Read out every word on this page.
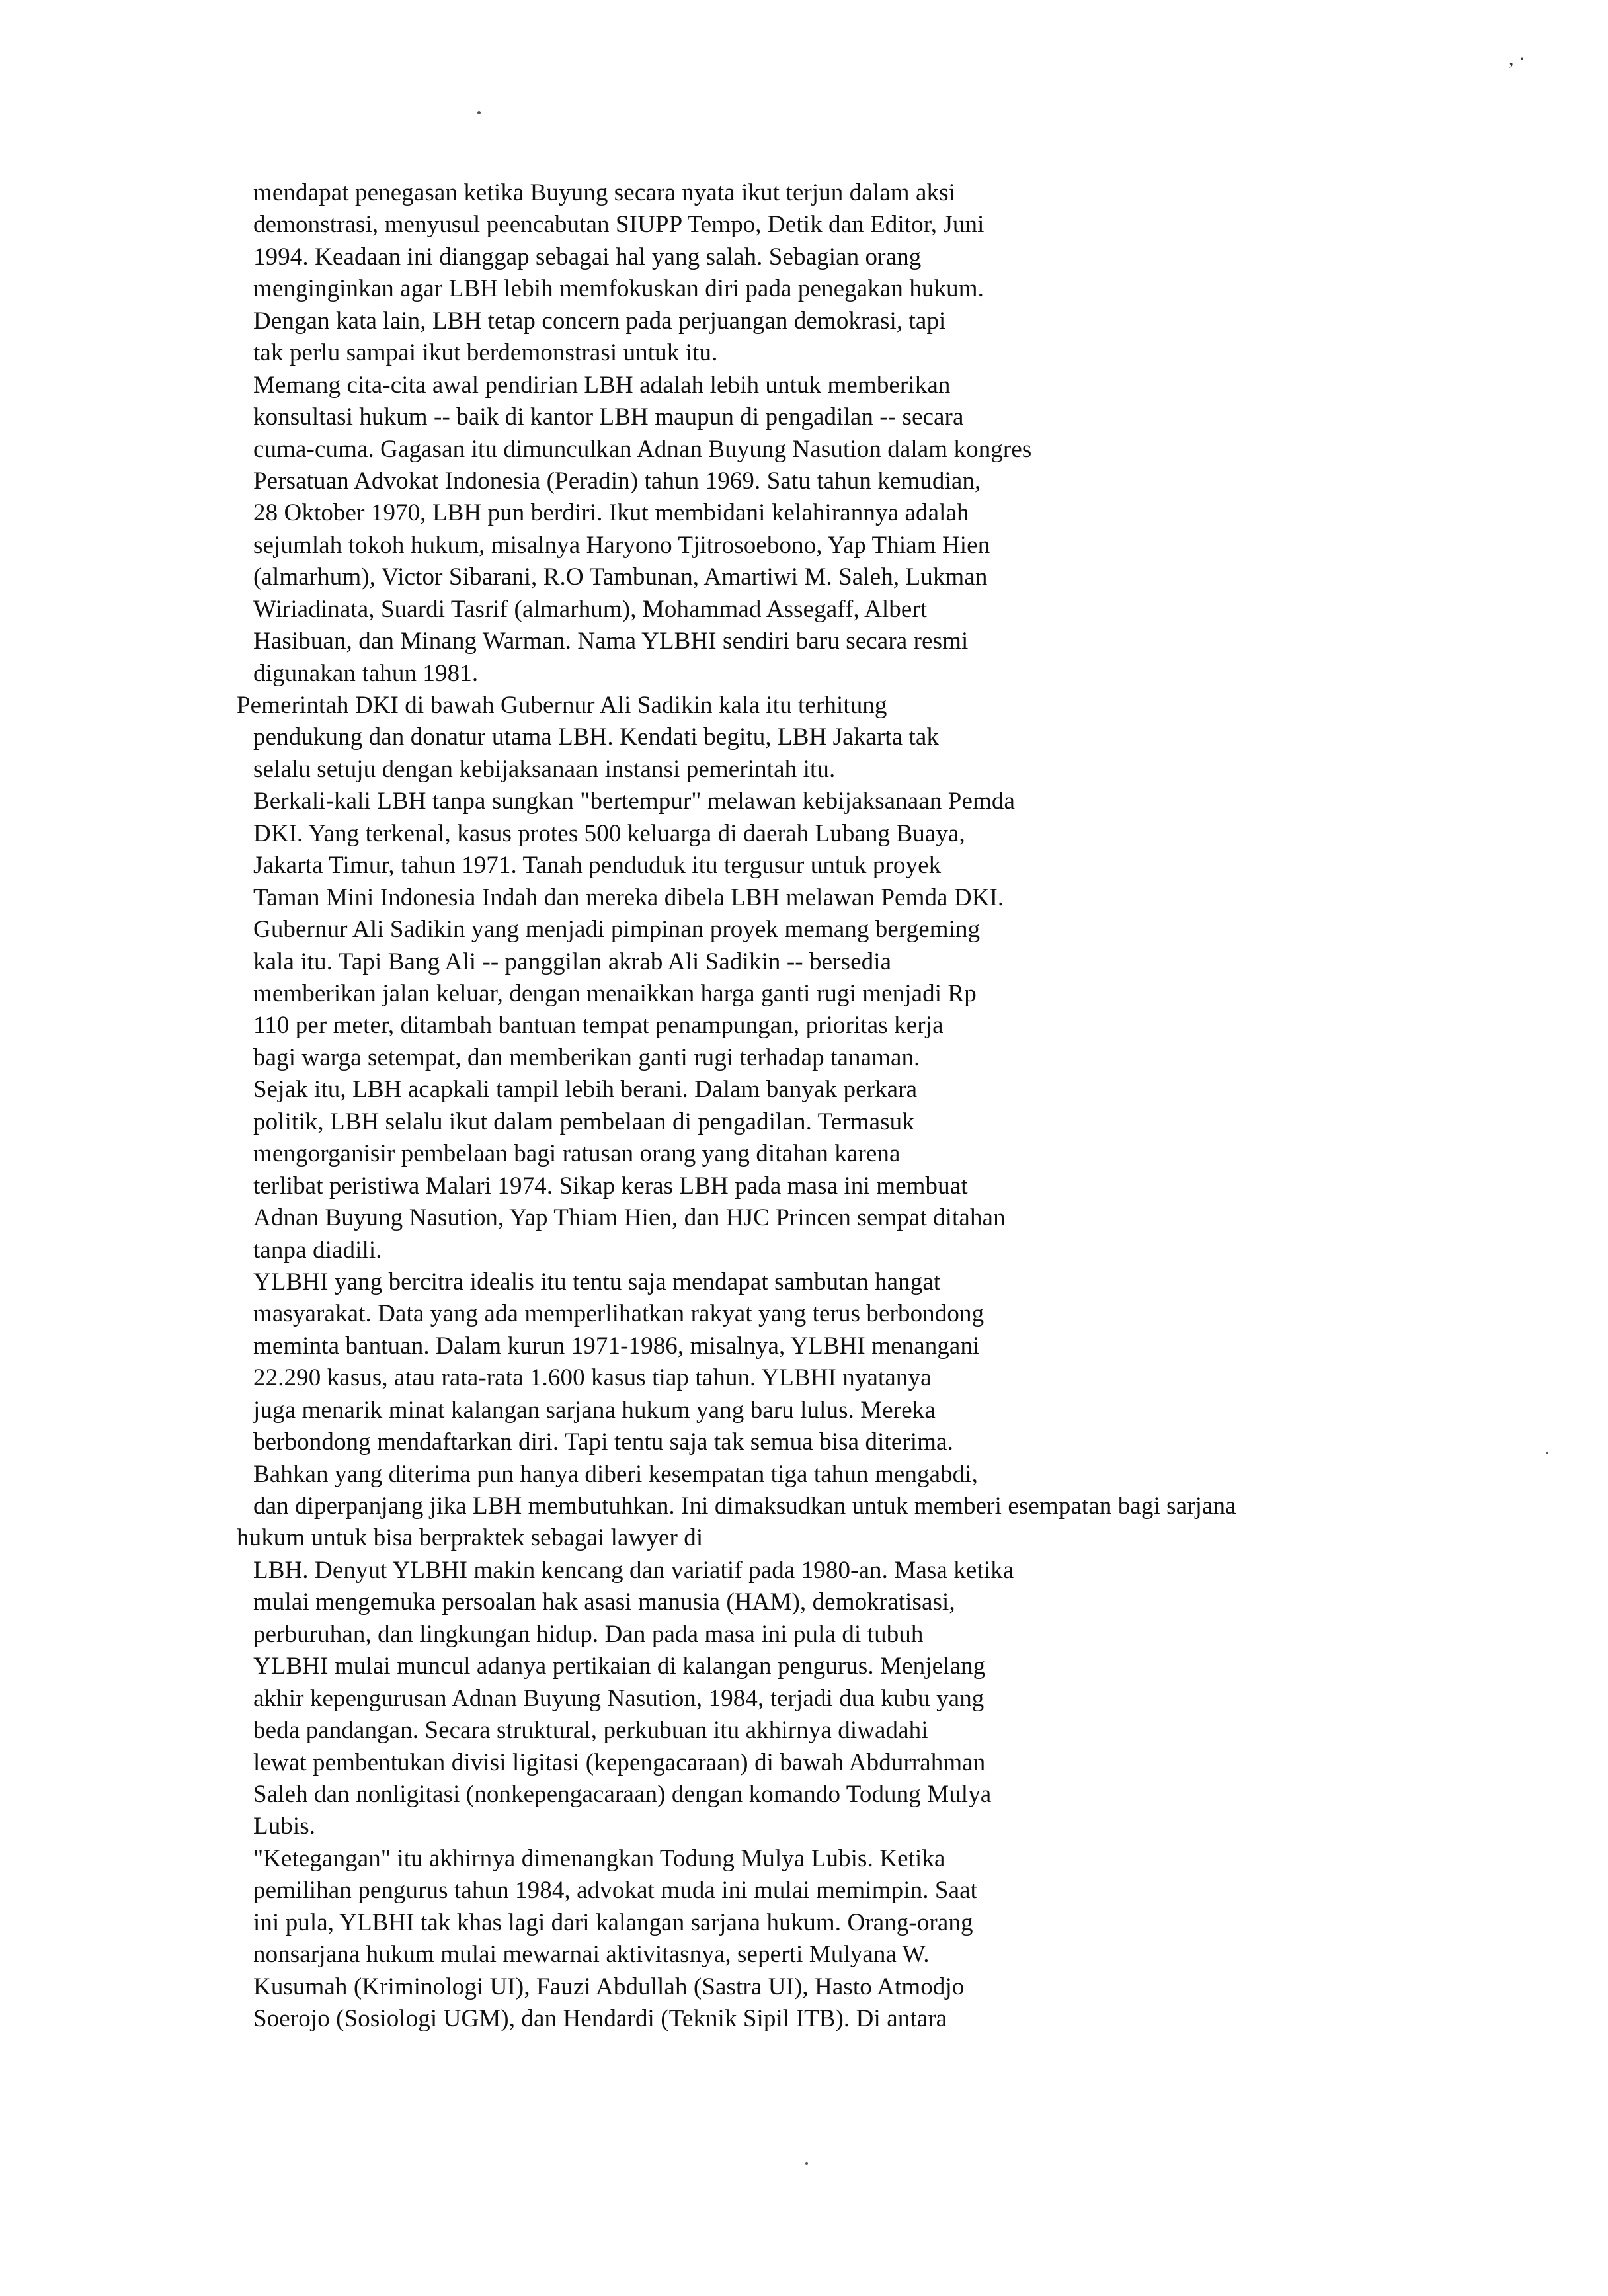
, ·
mendapat penegasan ketika Buyung secara nyata ikut terjun dalam aksi
demonstrasi, menyusul peencabutan SIUPP Tempo, Detik dan Editor, Juni
1994. Keadaan ini dianggap sebagai hal yang salah. Sebagian orang
menginginkan agar LBH lebih memfokuskan diri pada penegakan hukum.
Dengan kata lain, LBH tetap concern pada perjuangan demokrasi, tapi
tak perlu sampai ikut berdemonstrasi untuk itu.
Memang cita-cita awal pendirian LBH adalah lebih untuk memberikan
konsultasi hukum -- baik di kantor LBH maupun di pengadilan -- secara
cuma-cuma. Gagasan itu dimunculkan Adnan Buyung Nasution dalam kongres
Persatuan Advokat Indonesia (Peradin) tahun 1969. Satu tahun kemudian,
28 Oktober 1970, LBH pun berdiri. Ikut membidani kelahirannya adalah
sejumlah tokoh hukum, misalnya Haryono Tjitrosoebono, Yap Thiam Hien
(almarhum), Victor Sibarani, R.O Tambunan, Amartiwi M. Saleh, Lukman
Wiriadinata, Suardi Tasrif (almarhum), Mohammad Assegaff, Albert
Hasibuan, dan Minang Warman. Nama YLBHI sendiri baru secara resmi
digunakan tahun 1981.
Pemerintah DKI di bawah Gubernur Ali Sadikin kala itu terhitung
pendukung dan donatur utama LBH. Kendati begitu, LBH Jakarta tak
selalu setuju dengan kebijaksanaan instansi pemerintah itu.
Berkali-kali LBH tanpa sungkan "bertempur" melawan kebijaksanaan Pemda
DKI. Yang terkenal, kasus protes 500 keluarga di daerah Lubang Buaya,
Jakarta Timur, tahun 1971. Tanah penduduk itu tergusur untuk proyek
Taman Mini Indonesia Indah dan mereka dibela LBH melawan Pemda DKI.
Gubernur Ali Sadikin yang menjadi pimpinan proyek memang bergeming
kala itu. Tapi Bang Ali -- panggilan akrab Ali Sadikin -- bersedia
memberikan jalan keluar, dengan menaikkan harga ganti rugi menjadi Rp
110 per meter, ditambah bantuan tempat penampungan, prioritas kerja
bagi warga setempat, dan memberikan ganti rugi terhadap tanaman.
Sejak itu, LBH acapkali tampil lebih berani. Dalam banyak perkara
politik, LBH selalu ikut dalam pembelaan di pengadilan. Termasuk
mengorganisir pembelaan bagi ratusan orang yang ditahan karena
terlibat peristiwa Malari 1974. Sikap keras LBH pada masa ini membuat
Adnan Buyung Nasution, Yap Thiam Hien, dan HJC Princen sempat ditahan
tanpa diadili.
YLBHI yang bercitra idealis itu tentu saja mendapat sambutan hangat
masyarakat. Data yang ada memperlihatkan rakyat yang terus berbondong
meminta bantuan. Dalam kurun 1971-1986, misalnya, YLBHI menangani
22.290 kasus, atau rata-rata 1.600 kasus tiap tahun. YLBHI nyatanya
juga menarik minat kalangan sarjana hukum yang baru lulus. Mereka
berbondong mendaftarkan diri. Tapi tentu saja tak semua bisa diterima.
Bahkan yang diterima pun hanya diberi kesempatan tiga tahun mengabdi,
dan diperpanjang jika LBH membutuhkan. Ini dimaksudkan untuk memberi esempatan bagi sarjana
hukum untuk bisa berpraktek sebagai lawyer di
LBH. Denyut YLBHI makin kencang dan variatif pada 1980-an. Masa ketika
mulai mengemuka persoalan hak asasi manusia (HAM), demokratisasi,
perburuhan, dan lingkungan hidup. Dan pada masa ini pula di tubuh
YLBHI mulai muncul adanya pertikaian di kalangan pengurus. Menjelang
akhir kepengurusan Adnan Buyung Nasution, 1984, terjadi dua kubu yang
beda pandangan. Secara struktural, perkubuan itu akhirnya diwadahi
lewat pembentukan divisi ligitasi (kepengacaraan) di bawah Abdurrahman
Saleh dan nonligitasi (nonkepengacaraan) dengan komando Todung Mulya
Lubis.
"Ketegangan" itu akhirnya dimenangkan Todung Mulya Lubis. Ketika
pemilihan pengurus tahun 1984, advokat muda ini mulai memimpin. Saat
ini pula, YLBHI tak khas lagi dari kalangan sarjana hukum. Orang-orang
nonsarjana hukum mulai mewarnai aktivitasnya, seperti Mulyana W.
Kusumah (Kriminologi UI), Fauzi Abdullah (Sastra UI), Hasto Atmodjo
Soerojo (Sosiologi UGM), dan Hendardi (Teknik Sipil ITB). Di antara
